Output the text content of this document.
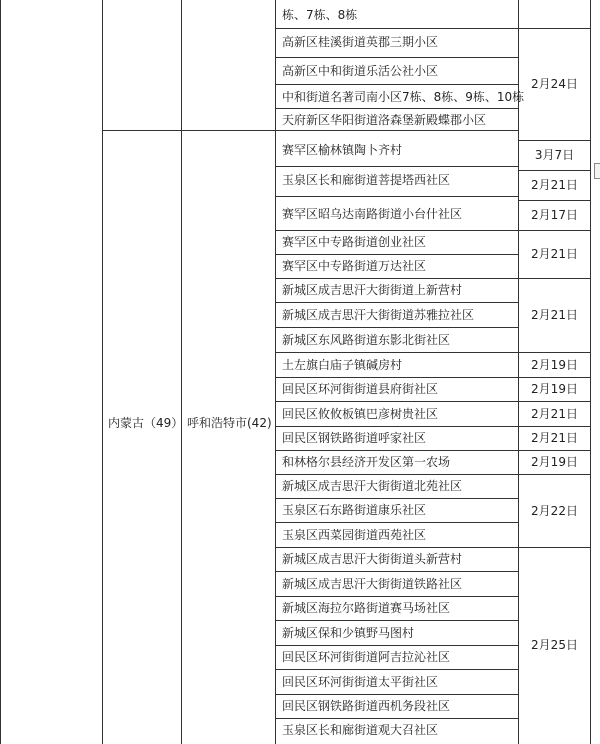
内蒙古（49） 呼和浩特市(42)
栋、7栋、8栋
高新区桂溪街道英郡三期小区
高新区中和街道乐活公社小区
中和街道名著司南小区7栋、8栋、9栋、10栋
天府新区华阳街道洛森堡新殿蝶郡小区
赛罕区榆林镇陶卜齐村
玉泉区长和廊街道菩提塔西社区
赛罕区昭乌达南路街道小台什社区
赛罕区中专路街道创业社区
赛罕区中专路街道万达社区
新城区成吉思汗大街街道上新营村
新城区成吉思汗大街街道苏雅拉社区
新城区东风路街道东影北街社区
土左旗白庙子镇碱房村
回民区环河街街道县府街社区
回民区攸攸板镇巴彦树贵社区
回民区钢铁路街道呼家社区
和林格尔县经济开发区第一农场
新城区成吉思汗大街街道北苑社区
玉泉区石东路街道康乐社区
玉泉区西菜园街道西苑社区
新城区成吉思汗大街街道头新营村
新城区成吉思汗大街街道铁路社区
新城区海拉尔路街道赛马场社区
新城区保和少镇野马图村
回民区环河街街道阿吉拉沁社区
回民区环河街街道太平街社区
回民区钢铁路街道西机务段社区
玉泉区长和廊街道观大召社区
2月24日
3月7日
2月21日
2月17日
2月21日
2月21日
2月19日
2月19日
2月21日
2月21日
2月19日
2月22日
2月25日
